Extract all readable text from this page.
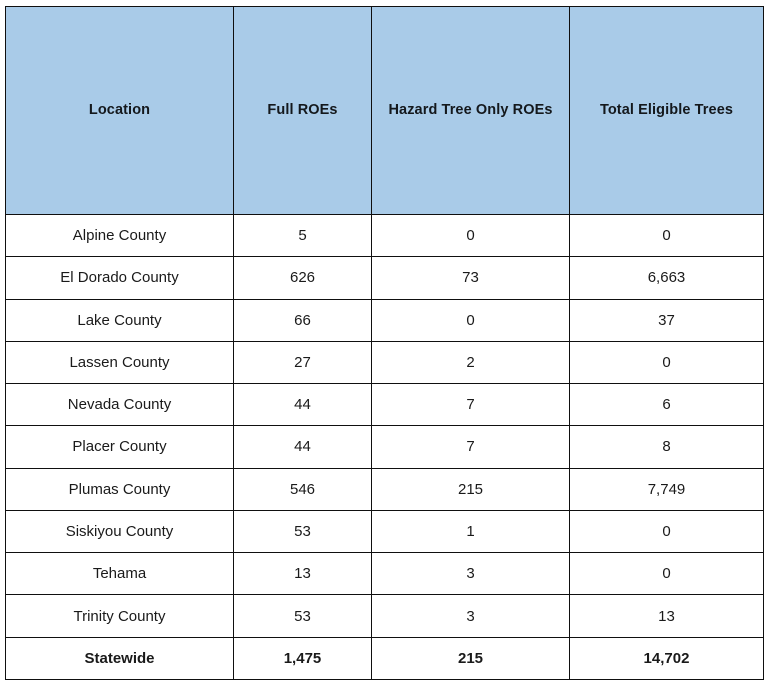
Location	Full ROEs	Hazard Tree Only ROEs	Total Eligible Trees
Alpine County	5	0	0
El Dorado County	626	73	6,663
Lake County	66	0	37
Lassen County	27	2	0
Nevada County	44	7	6
Placer County	44	7	8
Plumas County	546	215	7,749
Siskiyou County	53	1	0
Tehama	13	3	0
Trinity County	53	3	13
Statewide	1,475	215	14,702
